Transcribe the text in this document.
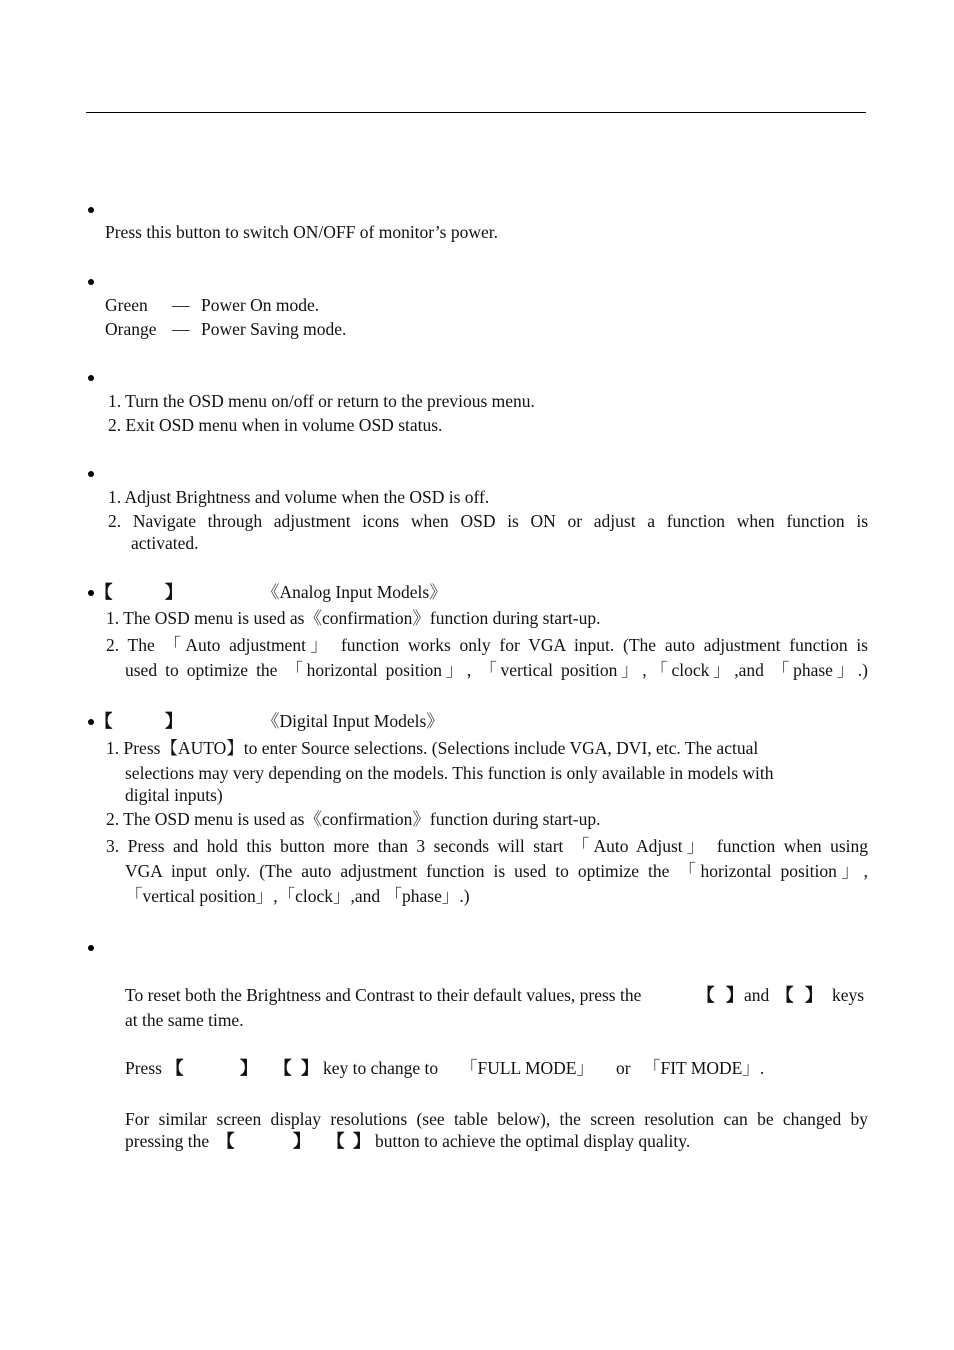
Press this button to switch ON/OFF of monitor’s power.
Green — Power On mode.
Orange — Power Saving mode.
1. Turn the OSD menu on/off or return to the previous menu.
2. Exit OSD menu when in volume OSD status.
1. Adjust Brightness and volume when the OSD is off.
2. Navigate through adjustment icons when OSD is ON or adjust a function when function is
activated.
【	】	《Analog Input Models》
1. The OSD menu is used as《confirmation》function during start-up.
2. The 「Auto adjustment」 function works only for VGA input. (The auto adjustment function is
used to optimize the 「horizontal position」, 「vertical position」,「clock」,and 「phase」.)
【	】	《Digital Input Models》
1. Press【AUTO】to enter Source selections. (Selections include VGA, DVI, etc. The actual
selections may very depending on the models. This function is only available in models with
digital inputs)
2. The OSD menu is used as《confirmation》function during start-up.
3. Press and hold this button more than 3 seconds will start 「Auto Adjust」 function when using
VGA input only. (The auto adjustment function is used to optimize the 「horizontal position」,
「vertical position」,「clock」,and 「phase」.)
To reset both the Brightness and Contrast to their default values, press the	【 】 and 【 】 keys
at the same time.
Press 【	】 【 】 key to change to 「FULL MODE」 or 「FIT MODE」.
For similar screen display resolutions (see table below), the screen resolution can be changed by
pressing the 【	】 【 】 button to achieve the optimal display quality.
